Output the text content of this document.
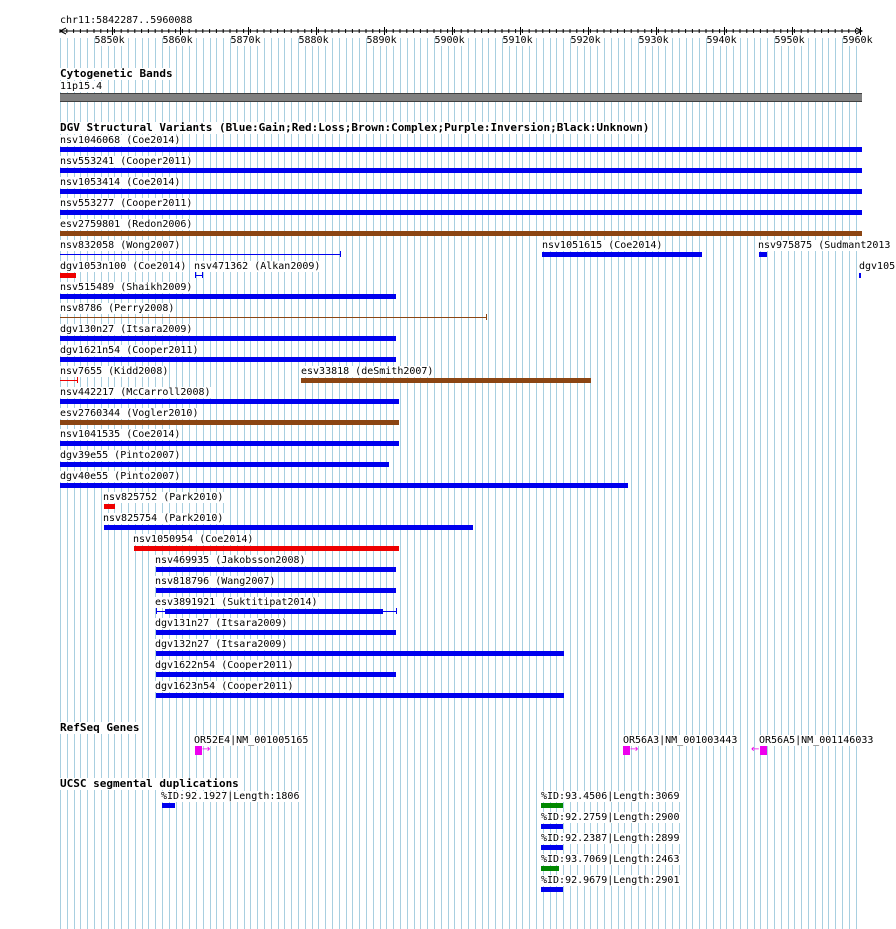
chr11:5842287..5960088
5850k	5860k	5870k	5880k	5890k	5900k	5910k	5920k	5930k	5940k	5950k	5960k
Cytogenetic Bands
11p15.4
DGV Structural Variants (Blue:Gain;Red:Loss;Brown:Complex;Purple:Inversion;Black:Unknown)
nsv1046068 (Coe2014)
nsv553241 (Cooper2011)
nsv1053414 (Coe2014)
nsv553277 (Cooper2011)
esv2759801 (Redon2006)
nsv832058 (Wong2007)	nsv1051615 (Coe2014)	nsv975875 (Sudmant2013
dgv1053n100 (Coe2014) nsv471362 (Alkan2009)	dgv105
nsv515489 (Shaikh2009)
nsv8786 (Perry2008)
dgv130n27 (Itsara2009)
dgv1621n54 (Cooper2011)
nsv7655 (Kidd2008)	esv33818 (deSmith2007)
nsv442217 (McCarroll2008)
esv2760344 (Vogler2010)
nsv1041535 (Coe2014)
dgv39e55 (Pinto2007)
dgv40e55 (Pinto2007)
nsv825752 (Park2010)
nsv825754 (Park2010)
nsv1050954 (Coe2014)
nsv469935 (Jakobsson2008)
nsv818796 (Wang2007)
esv3891921 (Suktitipat2014)
dgv131n27 (Itsara2009)
dgv132n27 (Itsara2009)
dgv1622n54 (Cooper2011)
dgv1623n54 (Cooper2011)
RefSeq Genes
OR52E4|NM_001005165
→
OR56A3|NM_001003443
→
OR56A5|NM_001146033
←
UCSC segmental duplications
%ID:92.1927|Length:1806	%ID:93.4506|Length:3069
%ID:92.2759|Length:2900
%ID:92.2387|Length:2899
%ID:93.7069|Length:2463
%ID:92.9679|Length:2901
